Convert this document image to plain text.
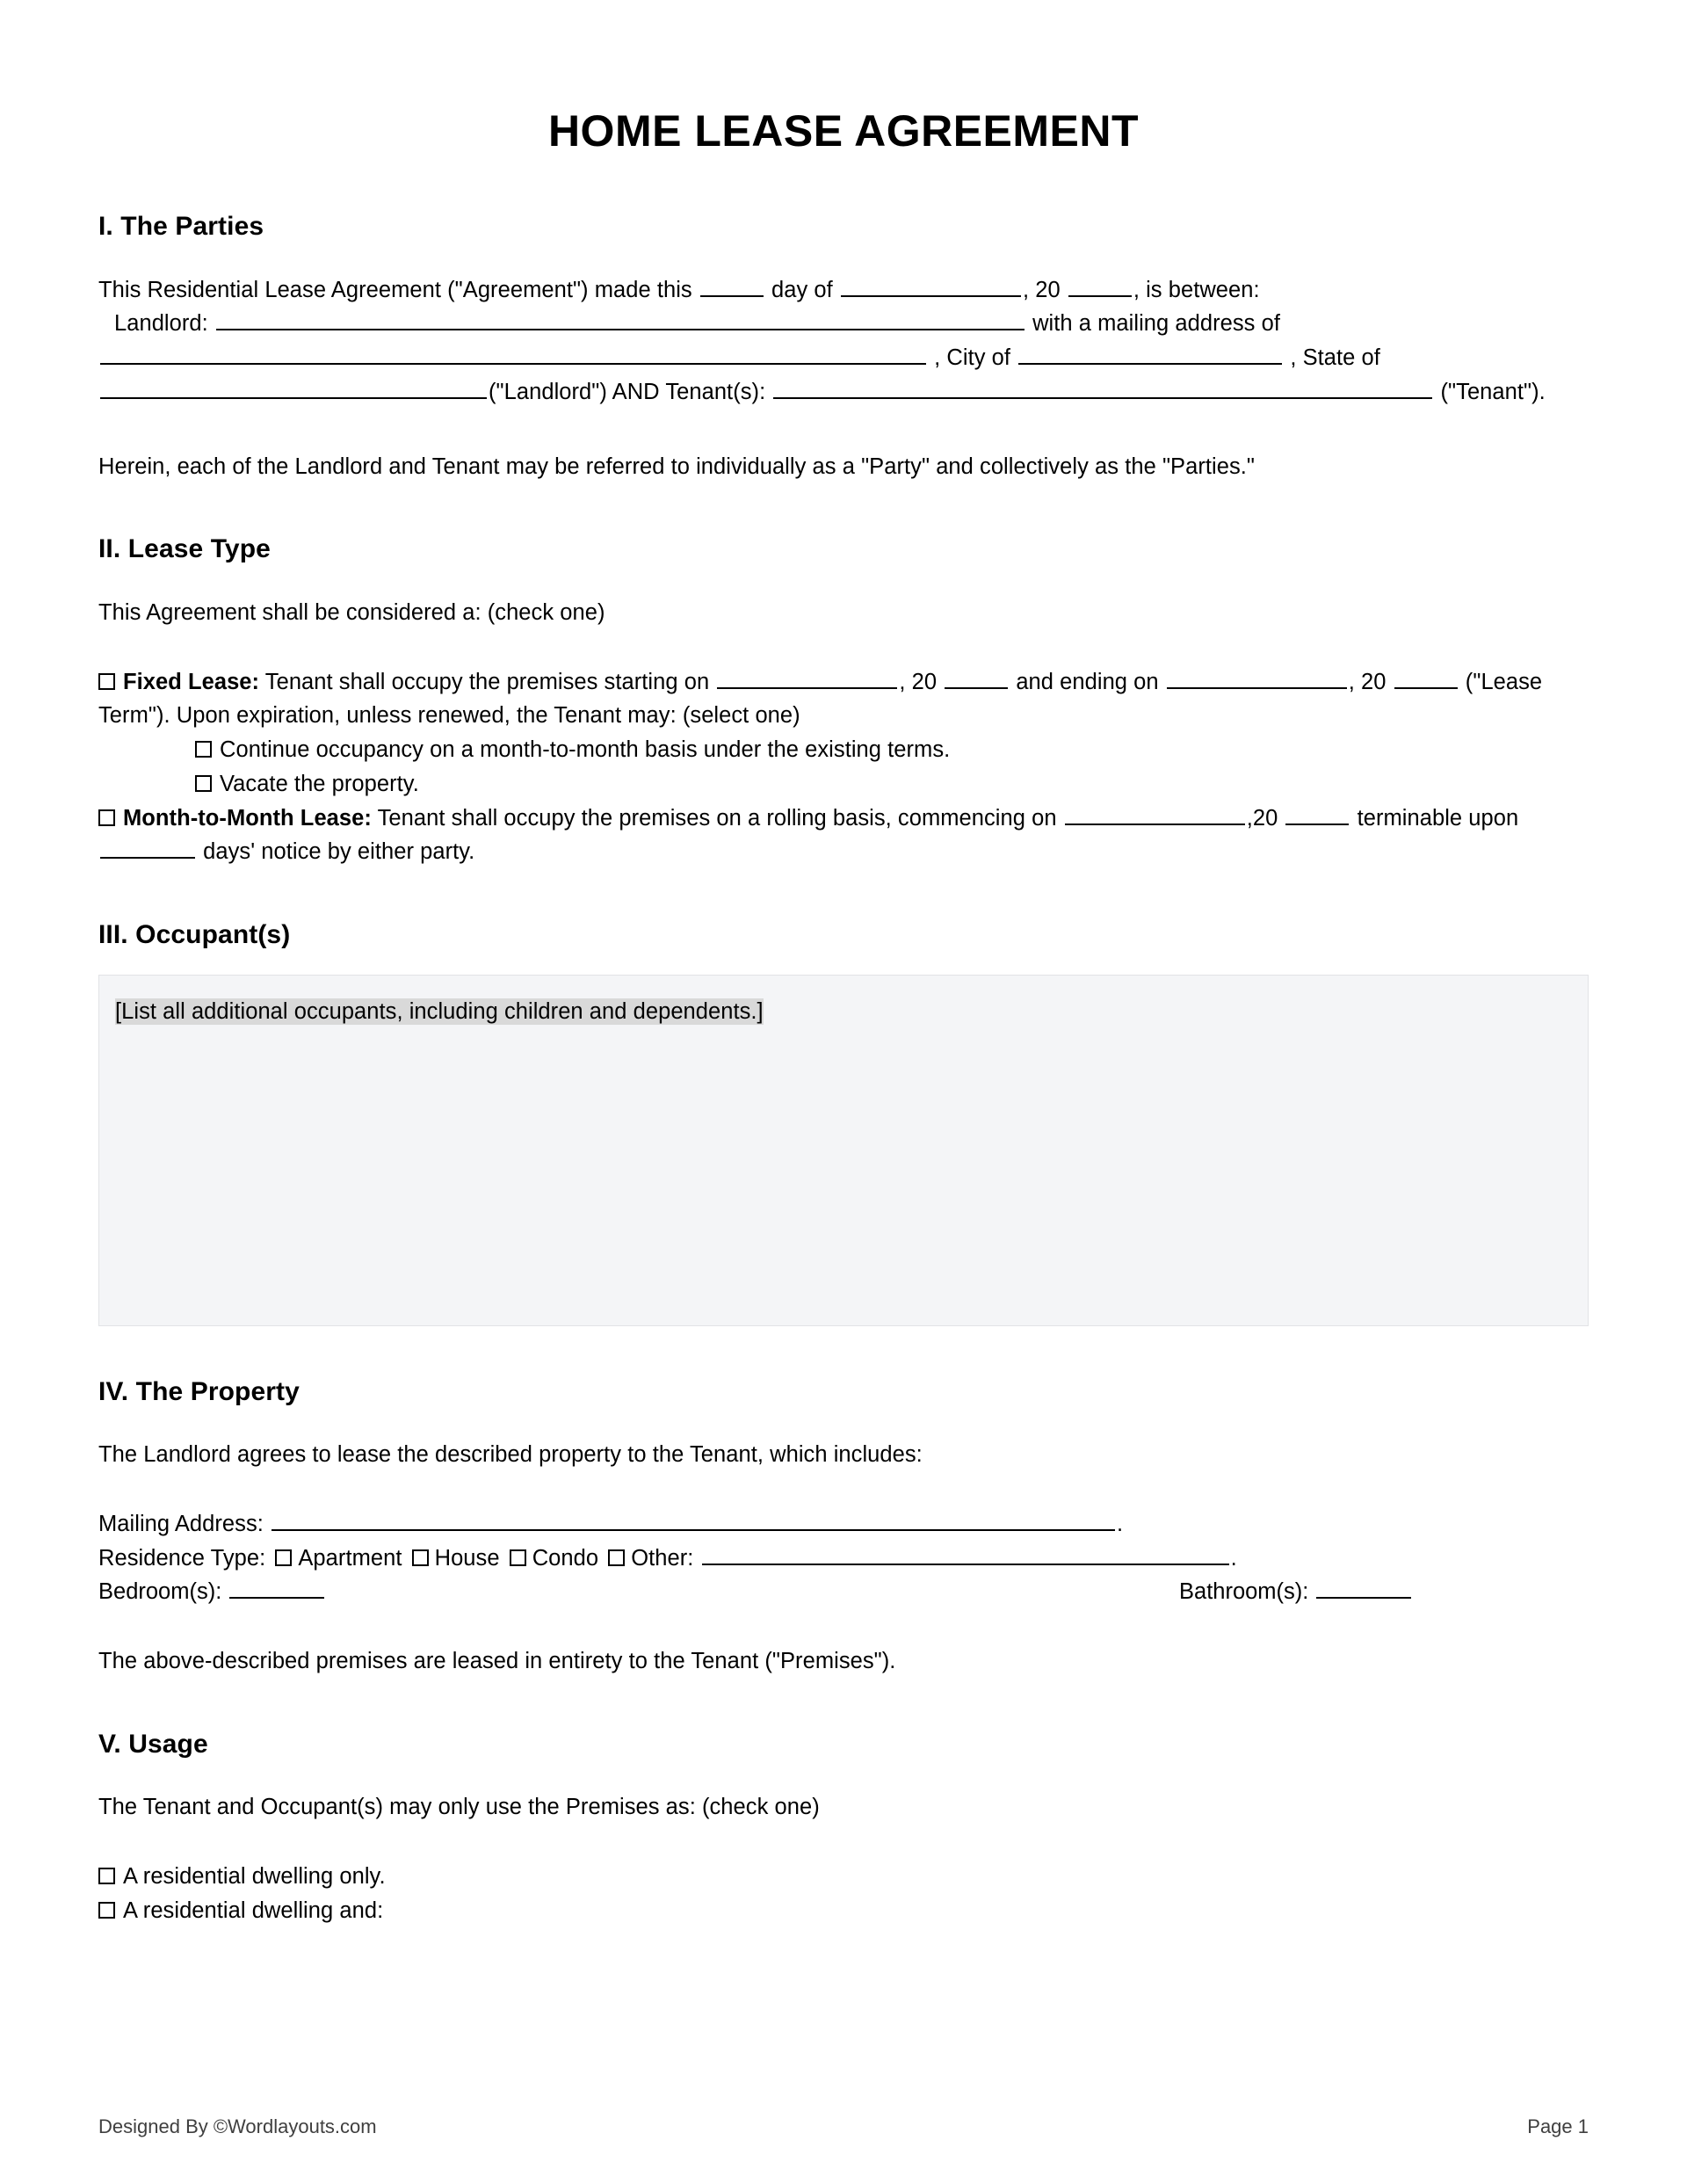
HOME LEASE AGREEMENT
I. The Parties

This Residential Lease Agreement ("Agreement") made this	day of	, 20	, is between:

Landlord:	with a mailing address of

, City of	, State of

("Landlord") AND Tenant(s):	("Tenant").

Herein, each of the Landlord and Tenant may be referred to individually as a "Party" and collectively as the "Parties."

II. Lease Type

This Agreement shall be considered a: (check one)

Fixed Lease: Tenant shall occupy the premises starting on	, 20	and ending on	, 20	("Lease Term"). Upon expiration, unless renewed, the Tenant may: (select one)

Continue occupancy on a month-to-month basis under the existing terms.

Vacate the property.

Month-to-Month Lease: Tenant shall occupy the premises on a rolling basis, commencing on	,20	terminable upon  days' notice by either party.

III. Occupant(s)
[List all additional occupants, including children and dependents.]
IV. The Property

The Landlord agrees to lease the described property to the Tenant, which includes:

Mailing Address:	.

Residence Type: Apartment House Condo Other:	.

Bedroom(s):	Bathroom(s):

The above-described premises are leased in entirety to the Tenant ("Premises").

V. Usage

The Tenant and Occupant(s) may only use the Premises as: (check one)

A residential dwelling only.

A residential dwelling and:

Designed By ©Wordlayouts.com	Page 1
